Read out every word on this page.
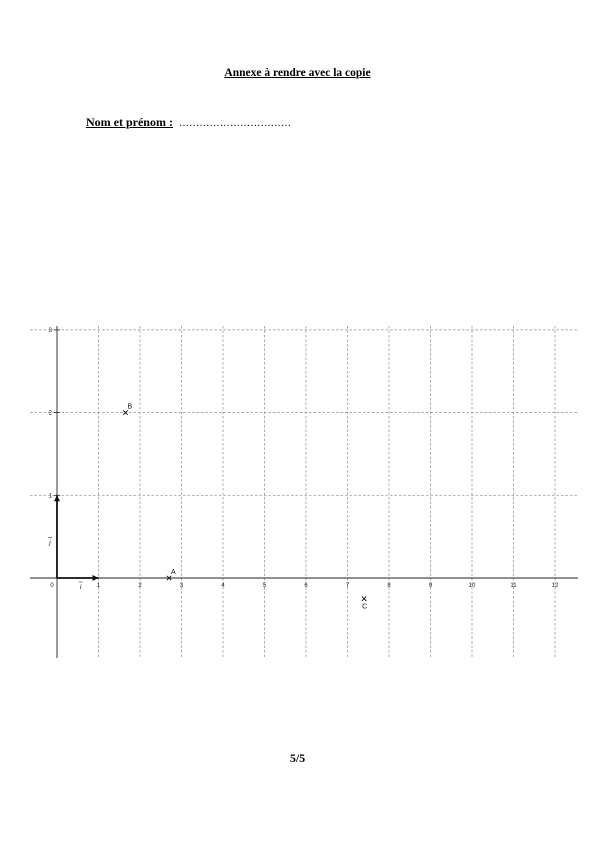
Annexe à rendre avec la copie
Nom et prénom : ……………………………
i
j
0	1	2	3	4	5	6	7	8	9	10	11	12
1
2
3
A
B
C
5/5
